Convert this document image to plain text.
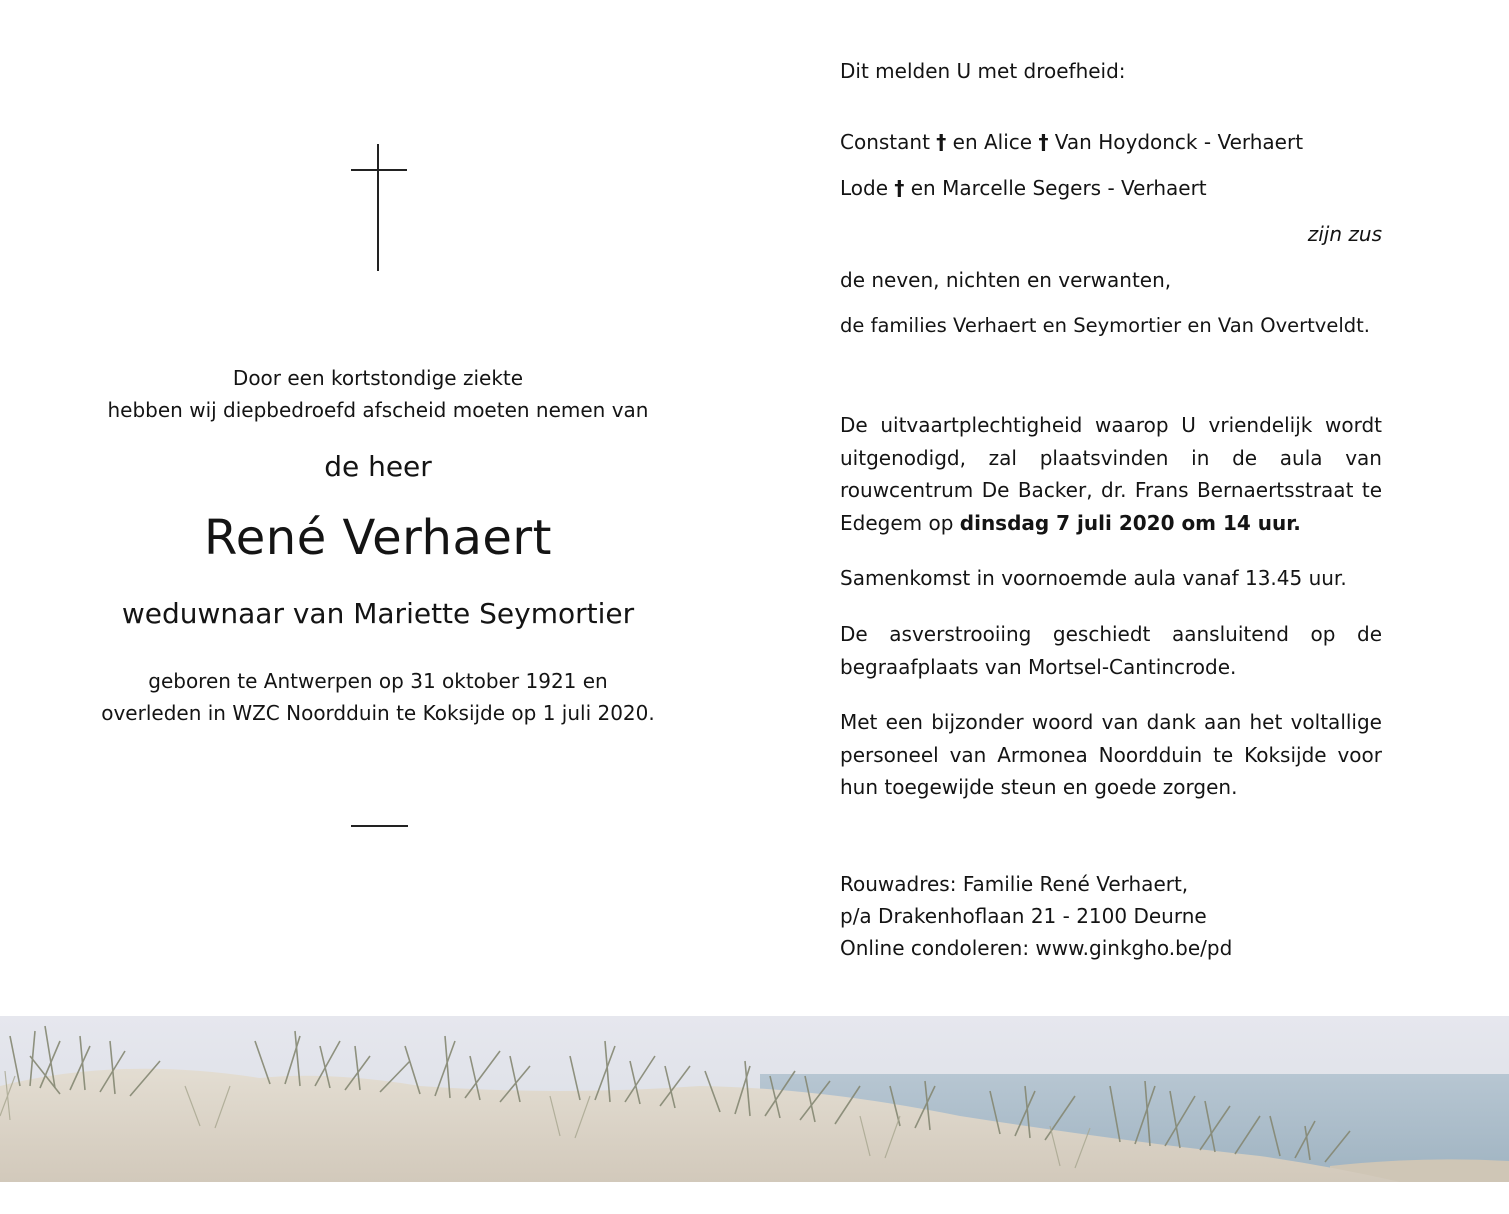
Door een kortstondige ziekte
hebben wij diepbedroefd afscheid moeten nemen van
de heer
René Verhaert
weduwnaar van Mariette Seymortier
geboren te Antwerpen op 31 oktober 1921 en
overleden in WZC Noordduin te Koksijde op 1 juli 2020.
Dit melden U met droefheid:
Constant † en Alice † Van Hoydonck - Verhaert
Lode † en Marcelle Segers - Verhaert
zijn zus
de neven, nichten en verwanten,
de families Verhaert en Seymortier en Van Overtveldt.
De uitvaartplechtigheid waarop U vriendelijk wordt
uitgenodigd, zal plaatsvinden in de aula van
rouwcentrum De Backer, dr. Frans Bernaertsstraat te
Edegem op dinsdag 7 juli 2020 om 14 uur.
Samenkomst in voornoemde aula vanaf 13.45 uur.
De asverstrooiing geschiedt aansluitend op de
begraafplaats van Mortsel-Cantincrode.
Met een bijzonder woord van dank aan het voltallige
personeel van Armonea Noordduin te Koksijde voor
hun toegewijde steun en goede zorgen.
Rouwadres: Familie René Verhaert,
p/a Drakenhoflaan 21 - 2100 Deurne
Online condoleren: www.ginkgho.be/pd
